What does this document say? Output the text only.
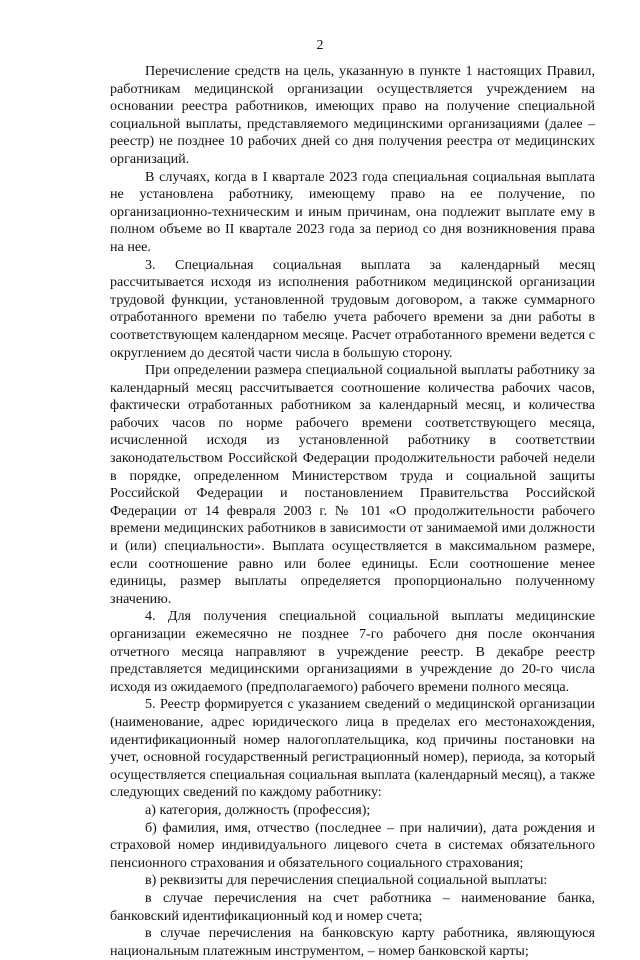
2

Перечисление средств на цель, указанную в пункте 1 настоящих Правил, работникам медицинской организации осуществляется учреждением на основании реестра работников, имеющих право на получение специальной социальной выплаты, представляемого медицинскими организациями (далее – реестр) не позднее 10 рабочих дней со дня получения реестра от медицинских организаций.

В случаях, когда в I квартале 2023 года специальная социальная выплата не установлена работнику, имеющему право на ее получение, по организационно-техническим и иным причинам, она подлежит выплате ему в полном объеме во II квартале 2023 года за период со дня возникновения права на нее.

3. Специальная социальная выплата за календарный месяц рассчитывается исходя из исполнения работником медицинской организации трудовой функции, установленной трудовым договором, а также суммарного отработанного времени по табелю учета рабочего времени за дни работы в соответствующем календарном месяце. Расчет отработанного времени ведется с округлением до десятой части числа в большую сторону.

При определении размера специальной социальной выплаты работнику за календарный месяц рассчитывается соотношение количества рабочих часов, фактически отработанных работником за календарный месяц, и количества рабочих часов по норме рабочего времени соответствующего месяца, исчисленной исходя из установленной работнику в соответствии законодательством Российской Федерации продолжительности рабочей недели в порядке, определенном Министерством труда и социальной защиты Российской Федерации и постановлением Правительства Российской Федерации от 14 февраля 2003 г. № 101 «О продолжительности рабочего времени медицинских работников в зависимости от занимаемой ими должности и (или) специальности». Выплата осуществляется в максимальном размере, если соотношение равно или более единицы. Если соотношение менее единицы, размер выплаты определяется пропорционально полученному значению.

4. Для получения специальной социальной выплаты медицинские организации ежемесячно не позднее 7-го рабочего дня после окончания отчетного месяца направляют в учреждение реестр. В декабре реестр представляется медицинскими организациями в учреждение до 20-го числа исходя из ожидаемого (предполагаемого) рабочего времени полного месяца.

5. Реестр формируется с указанием сведений о медицинской организации (наименование, адрес юридического лица в пределах его местонахождения, идентификационный номер налогоплательщика, код причины постановки на учет, основной государственный регистрационный номер), периода, за который осуществляется специальная социальная выплата (календарный месяц), а также следующих сведений по каждому работнику:

а) категория, должность (профессия);

б) фамилия, имя, отчество (последнее – при наличии), дата рождения и страховой номер индивидуального лицевого счета в системах обязательного пенсионного страхования и обязательного социального страхования;

в) реквизиты для перечисления специальной социальной выплаты:

в случае перечисления на счет работника – наименование банка, банковский идентификационный код и номер счета;

в случае перечисления на банковскую карту работника, являющуюся национальным платежным инструментом, – номер банковской карты;
